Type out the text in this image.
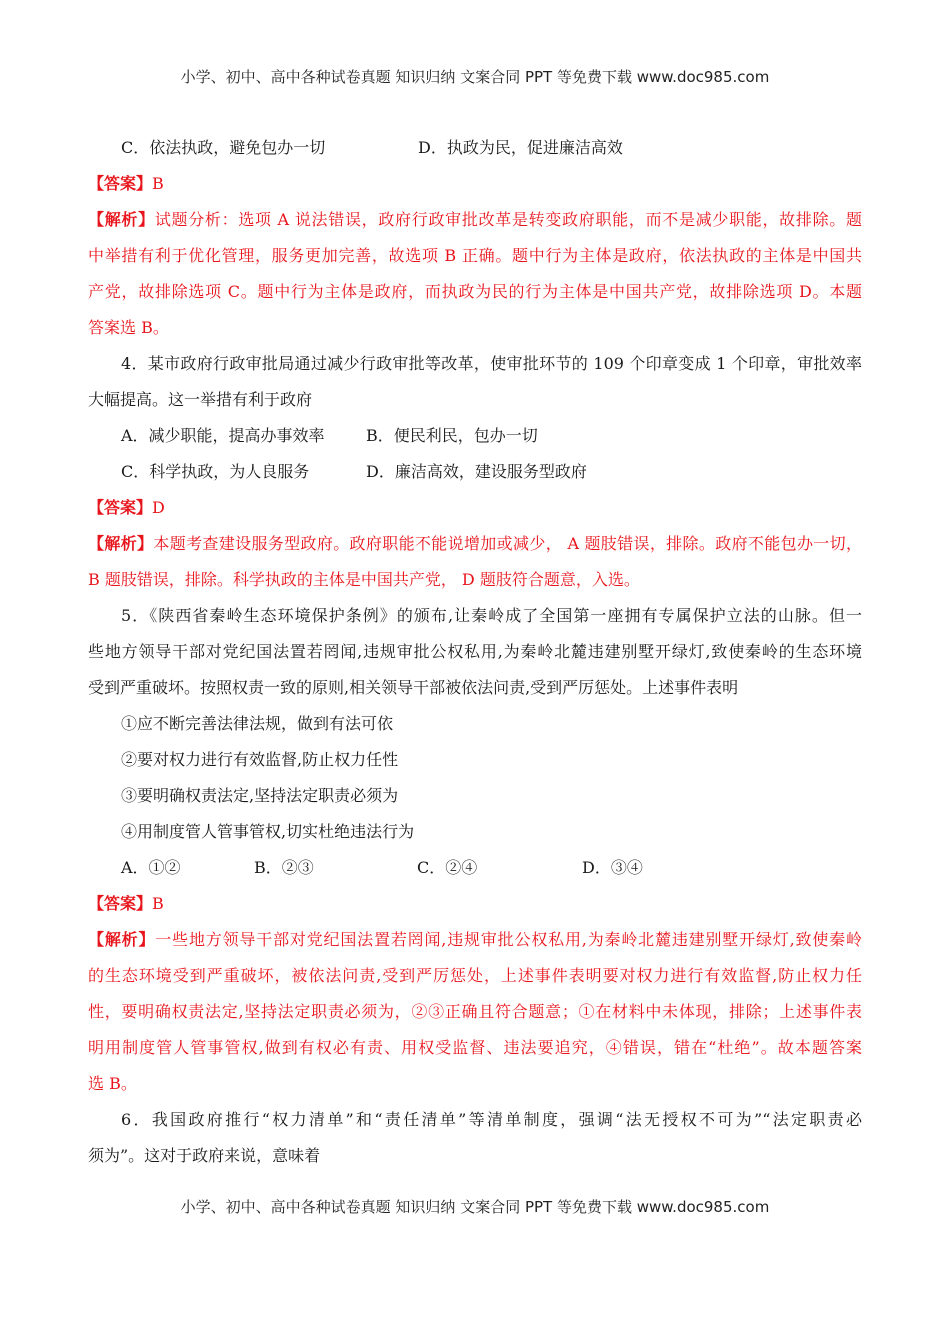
小学、初中、高中各种试卷真题 知识归纳 文案合同 PPT 等免费下载 www.doc985.com
C．依法执政，避免包办一切	D．执政为民，促进廉洁高效
【答案】B
【解析】试题分析：选项 A 说法错误，政府行政审批改革是转变政府职能，而不是减少职能，故排除。题
中举措有利于优化管理，服务更加完善，故选项 B 正确。题中行为主体是政府，依法执政的主体是中国共
产党，故排除选项 C。题中行为主体是政府，而执政为民的行为主体是中国共产党，故排除选项 D。本题
答案选 B。
4．某市政府行政审批局通过减少行政审批等改革，使审批环节的 109 个印章变成 1 个印章，审批效率
大幅提高。这一举措有利于政府
A．减少职能，提高办事效率	B．便民利民，包办一切
C．科学执政，为人良服务	D．廉洁高效，建设服务型政府
【答案】D
【解析】本题考查建设服务型政府。政府职能不能说增加或减少， A 题肢错误，排除。政府不能包办一切，
B 题肢错误，排除。科学执政的主体是中国共产党， D 题肢符合题意，入选。
5．《陕西省秦岭生态环境保护条例》的颁布,让秦岭成了全国第一座拥有专属保护立法的山脉。但一
些地方领导干部对党纪国法置若罔闻,违规审批公权私用,为秦岭北麓违建别墅开绿灯,致使秦岭的生态环境
受到严重破坏。按照权责一致的原则,相关领导干部被依法问责,受到严厉惩处。上述事件表明
①应不断完善法律法规，做到有法可依
②要对权力进行有效监督,防止权力任性
③要明确权责法定,坚持法定职责必须为
④用制度管人管事管权,切实杜绝违法行为
A．①②	B．②③	C．②④	D．③④
【答案】B
【解析】一些地方领导干部对党纪国法置若罔闻,违规审批公权私用,为秦岭北麓违建别墅开绿灯,致使秦岭
的生态环境受到严重破坏，被依法问责,受到严厉惩处，上述事件表明要对权力进行有效监督,防止权力任
性，要明确权责法定,坚持法定职责必须为，②③正确且符合题意；①在材料中未体现，排除；上述事件表
明用制度管人管事管权,做到有权必有责、用权受监督、违法要追究，④错误，错在“杜绝”。故本题答案
选 B。
6．我国政府推行“权力清单”和“责任清单”等清单制度，强调“法无授权不可为”“法定职责必
须为”。这对于政府来说，意味着
小学、初中、高中各种试卷真题 知识归纳 文案合同 PPT 等免费下载 www.doc985.com
